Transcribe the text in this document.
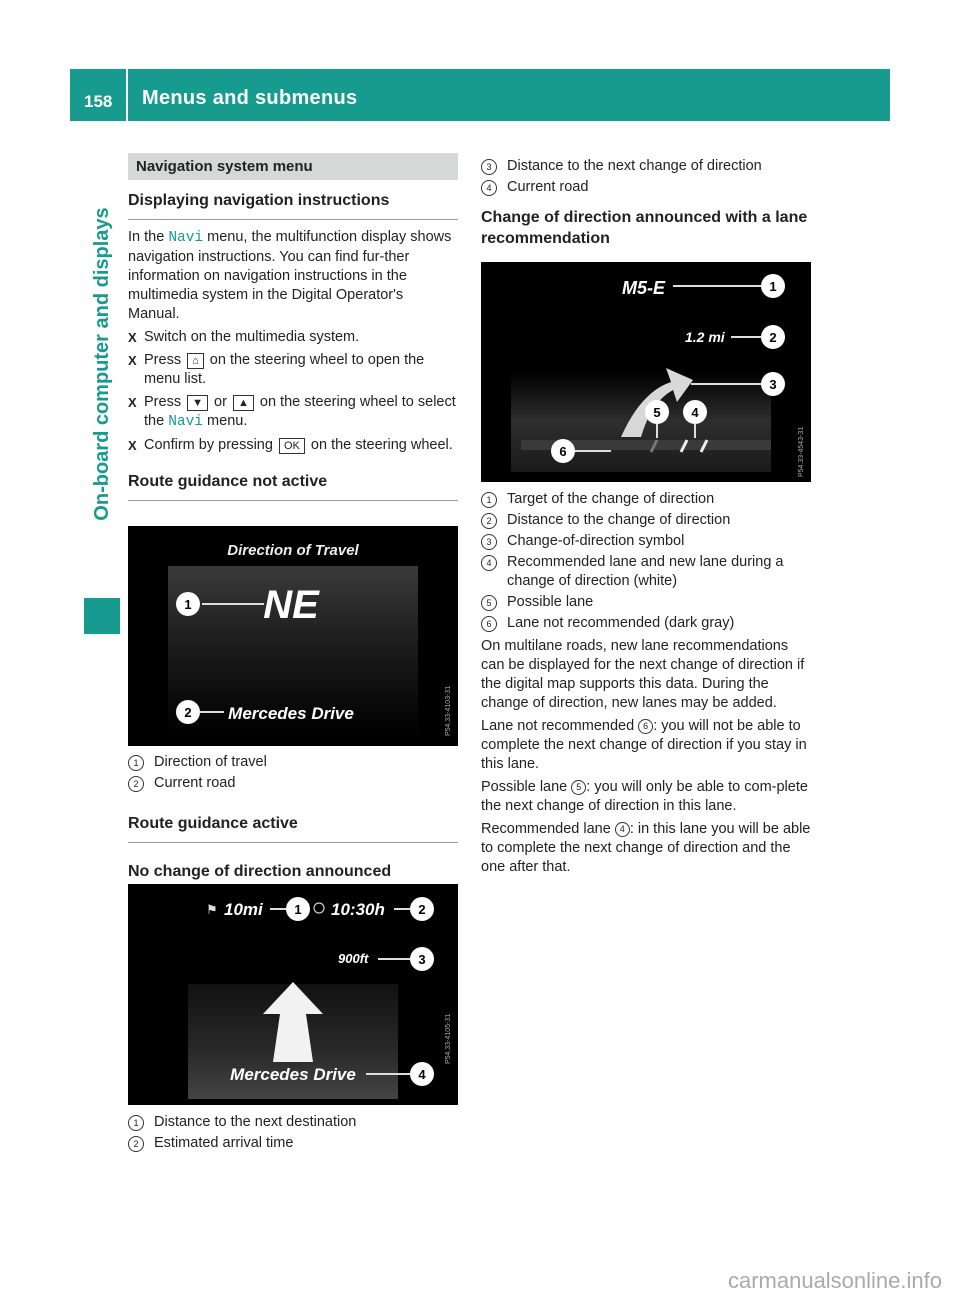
158 Menus and submenus
On-board computer and displays
Navigation system menu
Displaying navigation instructions

In the Navi menu, the multifunction display shows navigation instructions. You can find fur-ther information on navigation instructions in the multimedia system in the Digital Operator's Manual.

X Switch on the multimedia system.
X Press ⌂ on the steering wheel to open the menu list.
X Press ▼ or ▲ on the steering wheel to select the Navi menu.
X Confirm by pressing OK on the steering wheel.
Route guidance not active
1
2
Direction of Travel
NE
Mercedes Drive	P54.33-4103-31
1	Direction of travel
2	Current road
Route guidance active
No change of direction announced
⚑ 10mi 1 10:30h	2
900ft	3
Mercedes Drive	4
P54.33-4105-31
1	Distance to the next destination
2	Estimated arrival time
3	Distance to the next change of direction
4	Current road
Change of direction announced with a lane recommendation
M5-E	1
1.2 mi	2
3
5 4
6	P54.33-4543-31
1	Target of the change of direction
2	Distance to the change of direction
3	Change-of-direction symbol
4	Recommended lane and new lane during a change of direction (white)
5	Possible lane
6	Lane not recommended (dark gray)

On multilane roads, new lane recommendations can be displayed for the next change of direction if the digital map supports this data. During the change of direction, new lanes may be added.

Lane not recommended 6 : you will not be able to complete the next change of direction if you stay in this lane.

Possible lane 5 : you will only be able to com-plete the next change of direction in this lane.

Recommended lane 4 : in this lane you will be able to complete the next change of direction and the one after that.

carmanualsonline.info
